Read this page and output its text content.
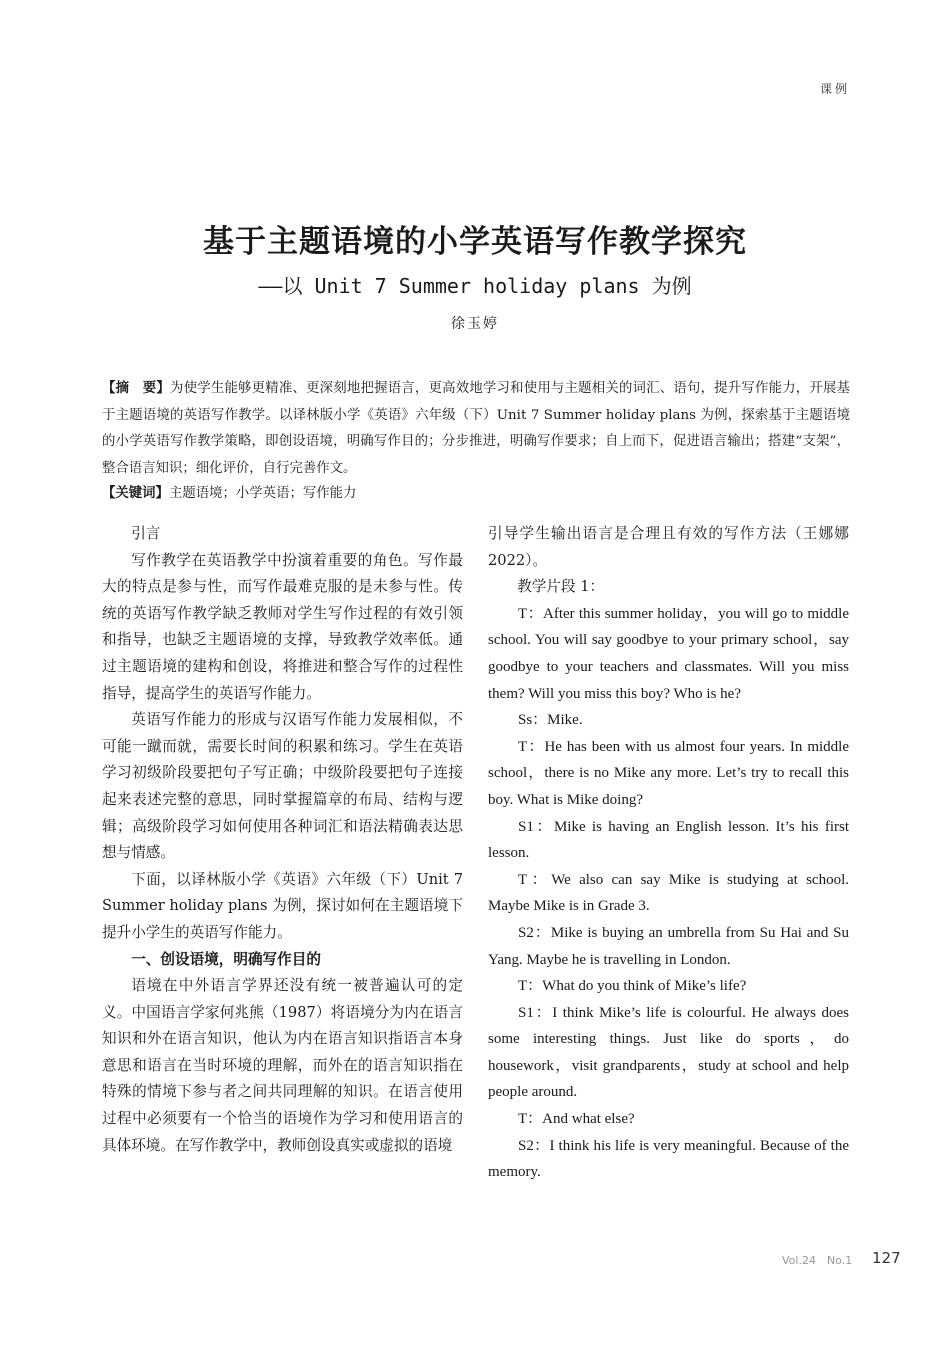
课例
基于主题语境的小学英语写作教学探究
——以 Unit 7 Summer holiday plans 为例
徐玉婷
【摘　要】为使学生能够更精准、更深刻地把握语言，更高效地学习和使用与主题相关的词汇、语句，提升写作能力，开展基于主题语境的英语写作教学。以译林版小学《英语》六年级（下）Unit 7 Summer holiday plans 为例，探索基于主题语境的小学英语写作教学策略，即创设语境，明确写作目的；分步推进，明确写作要求；自上而下，促进语言输出；搭建“支架”，整合语言知识；细化评价，自行完善作文。
【关键词】主题语境；小学英语；写作能力
引言

写作教学在英语教学中扮演着重要的角色。写作最大的特点是参与性，而写作最难克服的是未参与性。传统的英语写作教学缺乏教师对学生写作过程的有效引领和指导，也缺乏主题语境的支撑，导致教学效率低。通过主题语境的建构和创设，将推进和整合写作的过程性指导，提高学生的英语写作能力。

英语写作能力的形成与汉语写作能力发展相似，不可能一蹴而就，需要长时间的积累和练习。学生在英语学习初级阶段要把句子写正确；中级阶段要把句子连接起来表述完整的意思，同时掌握篇章的布局、结构与逻辑；高级阶段学习如何使用各种词汇和语法精确表达思想与情感。

下面，以译林版小学《英语》六年级（下）Unit 7 Summer holiday plans 为例，探讨如何在主题语境下提升小学生的英语写作能力。

一、创设语境，明确写作目的

语境在中外语言学界还没有统一被普遍认可的定义。中国语言学家何兆熊（1987）将语境分为内在语言知识和外在语言知识，他认为内在语言知识指语言本身意思和语言在当时环境的理解，而外在的语言知识指在特殊的情境下参与者之间共同理解的知识。在语言使用过程中必须要有一个恰当的语境作为学习和使用语言的具体环境。在写作教学中，教师创设真实或虚拟的语境

引导学生输出语言是合理且有效的写作方法（王娜娜 2022）。

教学片段 1：

T：After this summer holiday，you will go to middle school. You will say goodbye to your primary school，say goodbye to your teachers and classmates. Will you miss them? Will you miss this boy? Who is he?

Ss：Mike.

T：He has been with us almost four years. In middle school，there is no Mike any more. Let’s try to recall this boy. What is Mike doing?

S1：Mike is having an English lesson. It’s his first lesson.

T：We also can say Mike is studying at school. Maybe Mike is in Grade 3.

S2：Mike is buying an umbrella from Su Hai and Su Yang. Maybe he is travelling in London.

T：What do you think of Mike’s life?

S1：I think Mike’s life is colourful. He always does some interesting things. Just like do sports，do housework，visit grandparents，study at school and help people around.

T：And what else?

S2：I think his life is very meaningful. Because of the memory.

Vol.24　No.1 127
